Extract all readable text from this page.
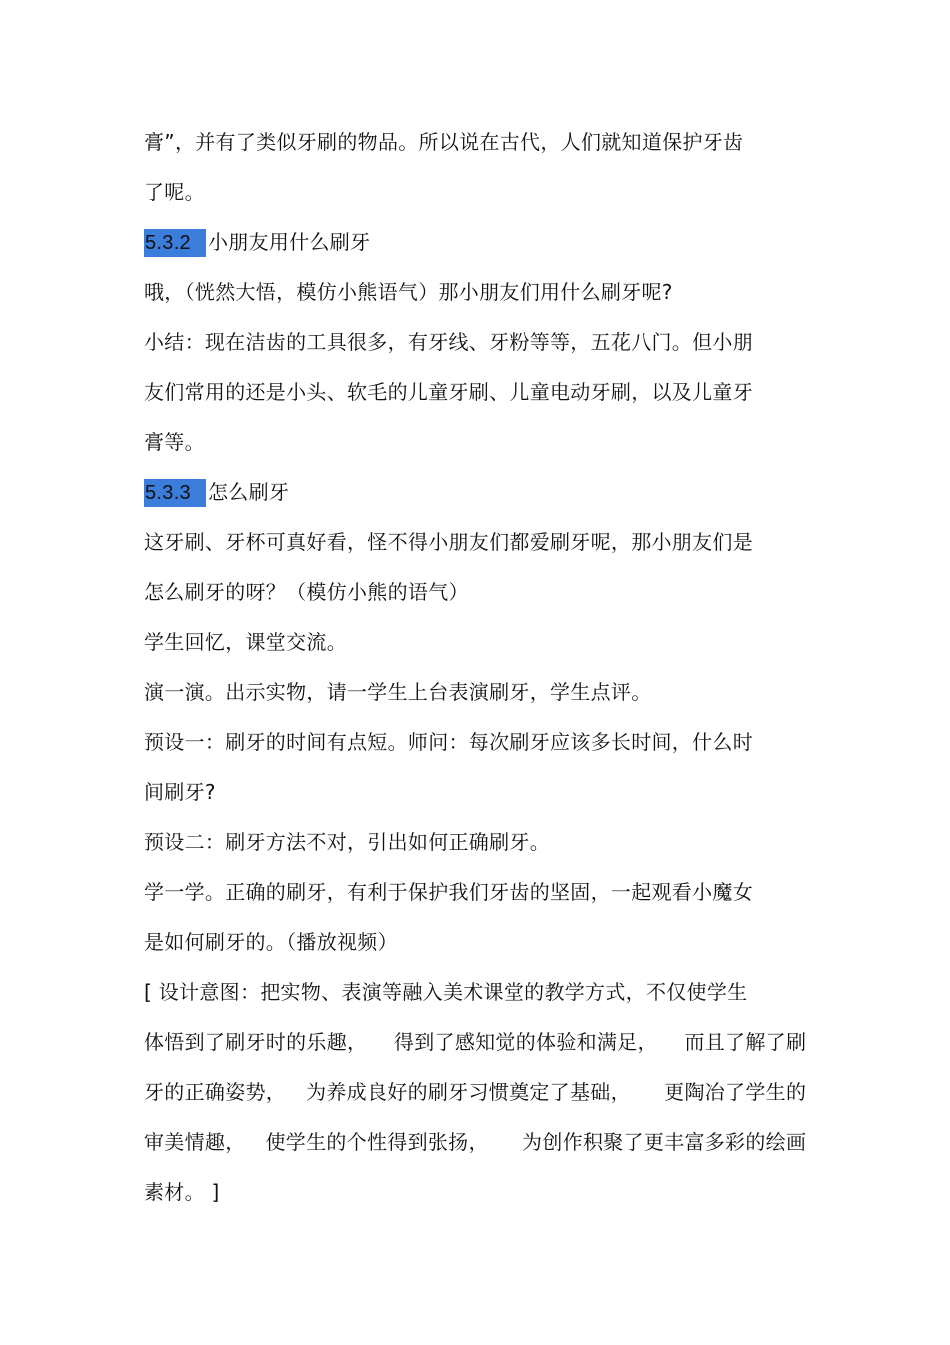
膏”，并有了类似牙刷的物品。所以说在古代，人们就知道保护牙齿
了呢。
5.3.2 小朋友用什么刷牙
哦，（恍然大悟，模仿小熊语气）那小朋友们用什么刷牙呢?
小结：现在洁齿的工具很多，有牙线、牙粉等等，五花八门。但小朋
友们常用的还是小头、软毛的儿童牙刷、儿童电动牙刷，以及儿童牙
膏等。
5.3.3 怎么刷牙
这牙刷、牙杯可真好看，怪不得小朋友们都爱刷牙呢，那小朋友们是
怎么刷牙的呀？（模仿小熊的语气）
学生回忆，课堂交流。
演一演。出示实物，请一学生上台表演刷牙，学生点评。
预设一：刷牙的时间有点短。师问：每次刷牙应该多长时间，什么时
间刷牙?
预设二：刷牙方法不对，引出如何正确刷牙。
学一学。正确的刷牙，有利于保护我们牙齿的坚固，一起观看小魔女
是如何刷牙的。（播放视频）
[ 设计意图：把实物、表演等融入美术课堂的教学方式，不仅使学生
体悟到了刷牙时的乐趣，    得到了感知觉的体验和满足，    而且了解了刷
牙的正确姿势，   为养成良好的刷牙习惯奠定了基础，     更陶冶了学生的
审美情趣，   使学生的个性得到张扬，     为创作积聚了更丰富多彩的绘画
素材。 ]
